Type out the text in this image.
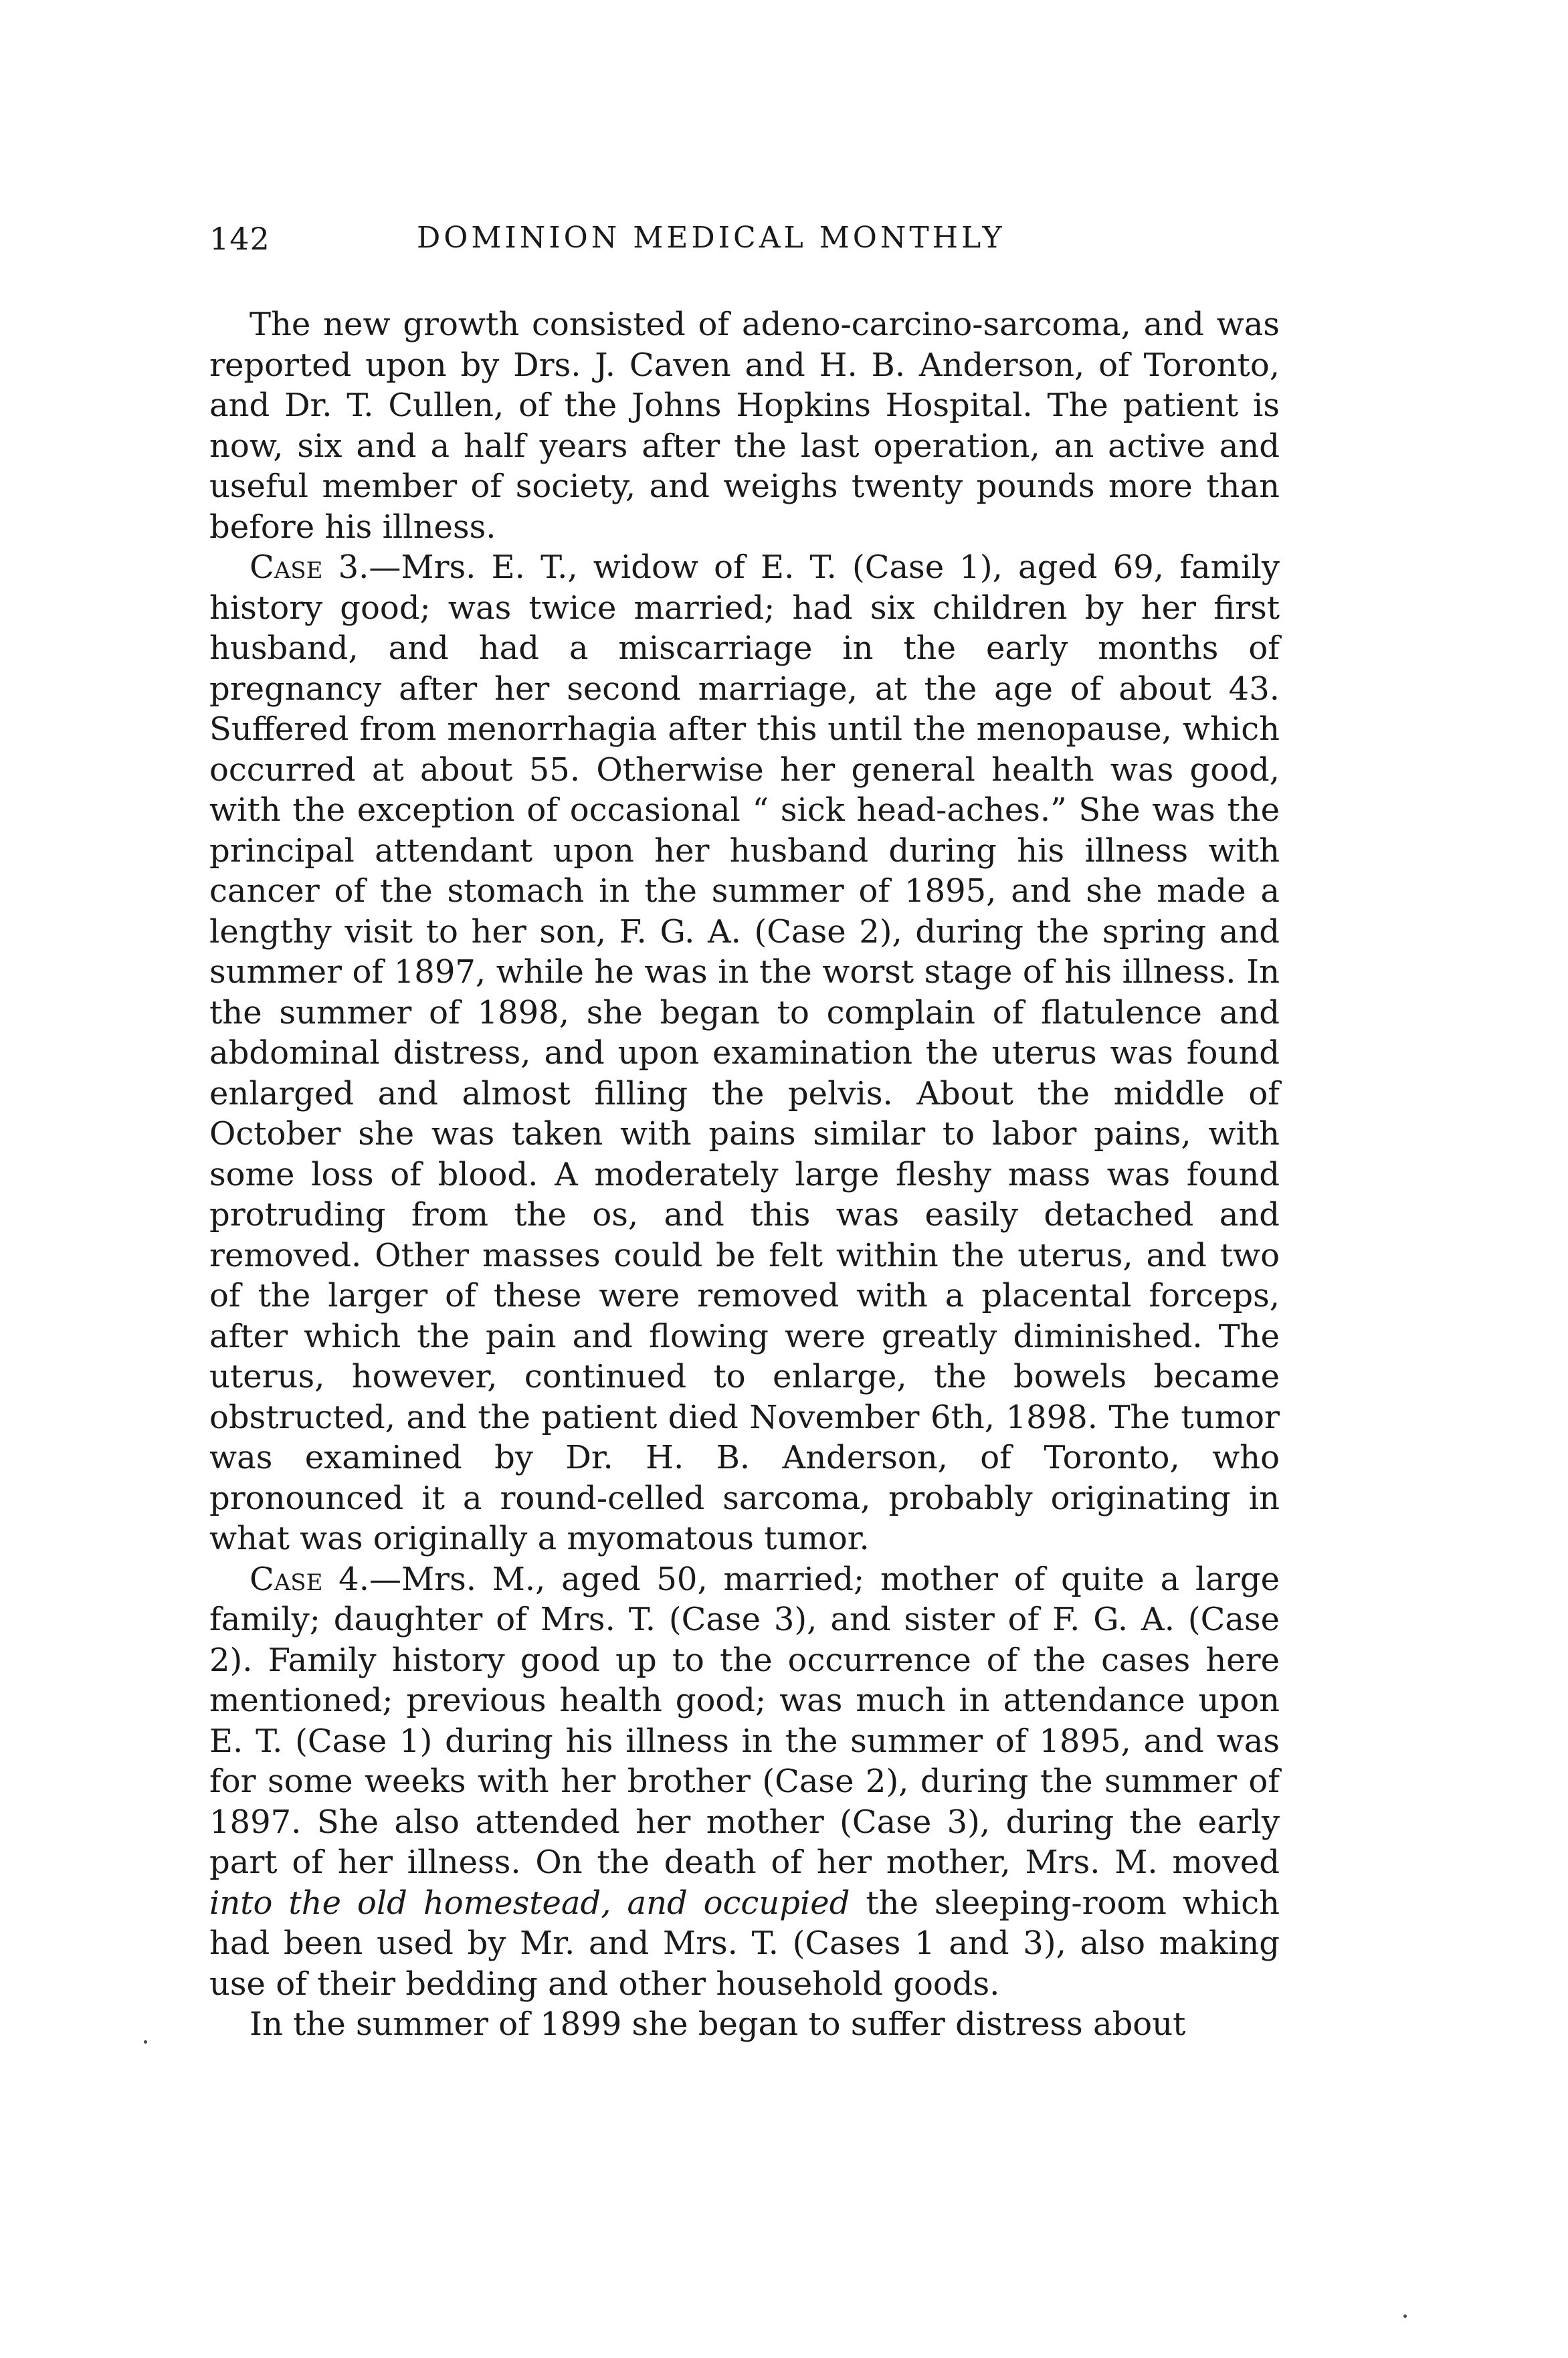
142	DOMINION MEDICAL MONTHLY

The new growth consisted of adeno-carcino-sarcoma, and was reported upon by Drs. J. Caven and H. B. Anderson, of Toronto, and Dr. T. Cullen, of the Johns Hopkins Hospital. The patient is now, six and a half years after the last operation, an active and useful member of society, and weighs twenty pounds more than before his illness.

Case 3.—Mrs. E. T., widow of E. T. (Case 1), aged 69, family history good; was twice married; had six children by her first husband, and had a miscarriage in the early months of pregnancy after her second marriage, at the age of about 43. Suffered from menorrhagia after this until the menopause, which occurred at about 55. Otherwise her general health was good, with the exception of occasional “ sick head-aches.” She was the principal attendant upon her husband during his illness with cancer of the stomach in the summer of 1895, and she made a lengthy visit to her son, F. G. A. (Case 2), during the spring and summer of 1897, while he was in the worst stage of his illness. In the summer of 1898, she began to complain of flatulence and abdominal distress, and upon examination the uterus was found enlarged and almost filling the pelvis. About the middle of October she was taken with pains similar to labor pains, with some loss of blood. A moderately large fleshy mass was found protruding from the os, and this was easily detached and removed. Other masses could be felt within the uterus, and two of the larger of these were removed with a placental forceps, after which the pain and flowing were greatly diminished. The uterus, however, continued to enlarge, the bowels became obstructed, and the patient died November 6th, 1898. The tumor was examined by Dr. H. B. Anderson, of Toronto, who pronounced it a round-celled sarcoma, probably originating in what was originally a myomatous tumor.

Case 4.—Mrs. M., aged 50, married; mother of quite a large family; daughter of Mrs. T. (Case 3), and sister of F. G. A. (Case 2). Family history good up to the occurrence of the cases here mentioned; previous health good; was much in attendance upon E. T. (Case 1) during his illness in the summer of 1895, and was for some weeks with her brother (Case 2), during the summer of 1897. She also attended her mother (Case 3), during the early part of her illness. On the death of her mother, Mrs. M. moved into the old homestead, and occupied the sleeping-room which had been used by Mr. and Mrs. T. (Cases 1 and 3), also making use of their bedding and other household goods.

In the summer of 1899 she began to suffer distress about
